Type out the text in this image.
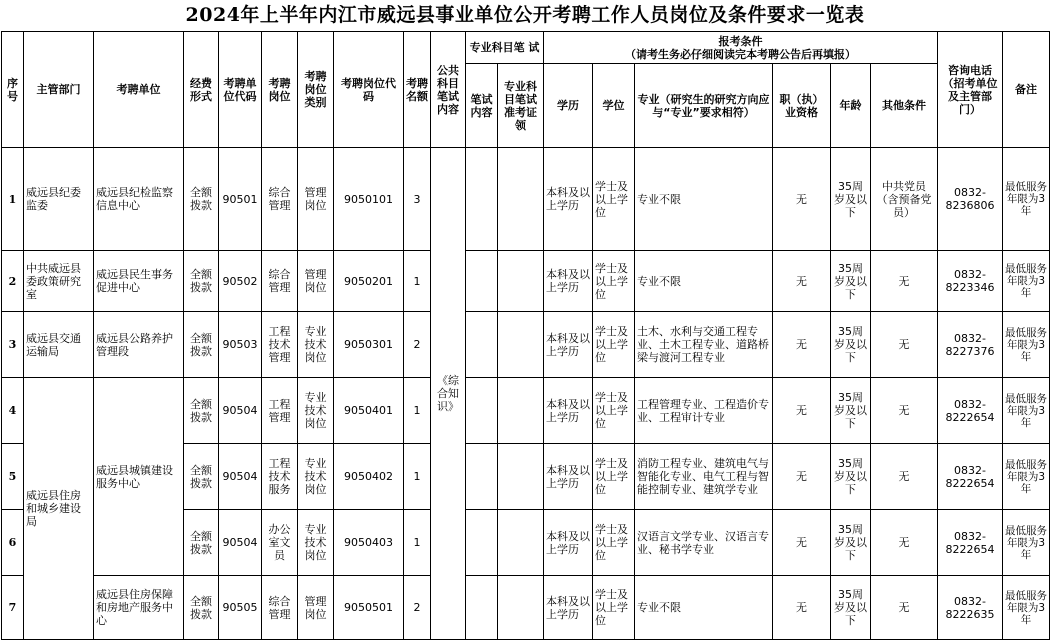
2024年上半年内江市威远县事业单位公开考聘工作人员岗位及条件要求一览表
序号	主管部门	考聘单位	经费形式	考聘单位代码	考聘岗位	考聘岗位类别	考聘岗位代码	考聘名额	公共科目笔试内容	专业科目笔 试		报考条件
（请考生务必仔细阅读完本考聘公告后再填报）						咨询电话（招考单位及主管部门）	备注
										笔试内容	专业科目笔试准考证领	学历	学位	专业（研究生的研究方向应与“专业”要求相符）	职（执）业资格	年龄	其他条件		

1	威远县纪委监委	威远县纪检监察信息中心	全额拨款	90501	综合管理	管理岗位	9050101	3	《综合知识》			本科及以上学历	学士及以上学位	专业不限	无	35周岁及以下	中共党员（含预备党员）	0832-8236806	最低服务年限为3年
2	中共威远县委政策研究室	威远县民生事务促进中心	全额拨款	90502	综合管理	管理岗位	9050201	1				本科及以上学历	学士及以上学位	专业不限	无	35周岁及以下	无	0832-8223346	最低服务年限为3年
3	威远县交通运输局	威远县公路养护管理段	全额拨款	90503	工程技术管理	专业技术岗位	9050301	2				本科及以上学历	学士及以上学位	土木、水利与交通工程专业、土木工程专业、道路桥梁与渡河工程专业	无	35周岁及以下	无	0832-8227376	最低服务年限为3年
4	威远县住房和城乡建设局	威远县城镇建设服务中心	全额拨款	90504	工程管理	专业技术岗位	9050401	1				本科及以上学历	学士及以上学位	工程管理专业、工程造价专业、工程审计专业	无	35周岁及以下	无	0832-8222654	最低服务年限为3年
5			全额拨款	90504	工程技术服务	专业技术岗位	9050402	1				本科及以上学历	学士及以上学位	消防工程专业、建筑电气与智能化专业、电气工程与智能控制专业、建筑学专业	无	35周岁及以下	无	0832-8222654	最低服务年限为3年
6			全额拨款	90504	办公室文员	专业技术岗位	9050403	1				本科及以上学历	学士及以上学位	汉语言文学专业、汉语言专业、秘书学专业	无	35周岁及以下	无	0832-8222654	最低服务年限为3年
7		威远县住房保障和房地产服务中心	全额拨款	90505	综合管理	管理岗位	9050501	2				本科及以上学历	学士及以上学位	专业不限	无	35周岁及以下	无	0832-8222635	最低服务年限为3年
